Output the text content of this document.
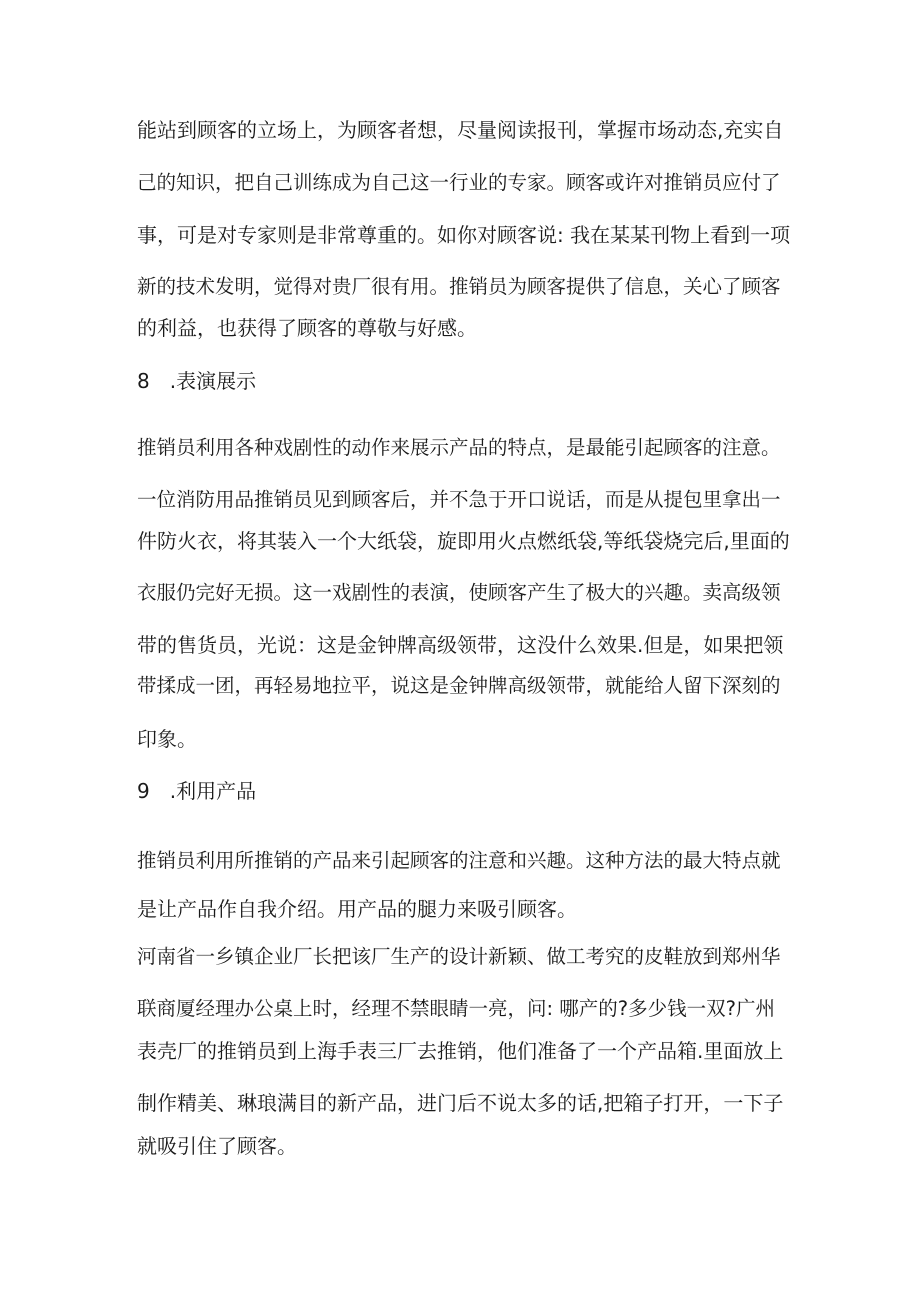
能站到顾客的立场上，为顾客者想，尽量阅读报刊，掌握市场动态,充实自
己的知识，把自己训练成为自己这一行业的专家。顾客或许对推销员应付了
事，可是对专家则是非常尊重的。如你对顾客说: 我在某某刊物上看到一项
新的技术发明，觉得对贵厂很有用。推销员为顾客提供了信息，关心了顾客
的利益，也获得了顾客的尊敬与好感。
8　.表演展示
推销员利用各种戏剧性的动作来展示产品的特点，是最能引起顾客的注意。
一位消防用品推销员见到顾客后，并不急于开口说话，而是从提包里拿出一
件防火衣，将其装入一个大纸袋，旋即用火点燃纸袋,等纸袋烧完后,里面的
衣服仍完好无损。这一戏剧性的表演，使顾客产生了极大的兴趣。卖高级领
带的售货员，光说：这是金钟牌高级领带，这没什么效果.但是，如果把领
带揉成一团，再轻易地拉平，说这是金钟牌高级领带，就能给人留下深刻的
印象。
9　.利用产品
推销员利用所推销的产品来引起顾客的注意和兴趣。这种方法的最大特点就
是让产品作自我介绍。用产品的腿力来吸引顾客。
河南省一乡镇企业厂长把该厂生产的设计新颖、做工考究的皮鞋放到郑州华
联商厦经理办公桌上时，经理不禁眼睛一亮，问: 哪产的?多少钱一双?广州
表壳厂的推销员到上海手表三厂去推销，他们准备了一个产品箱.里面放上
制作精美、琳琅满目的新产品，进门后不说太多的话,把箱子打开，一下子
就吸引住了顾客。
